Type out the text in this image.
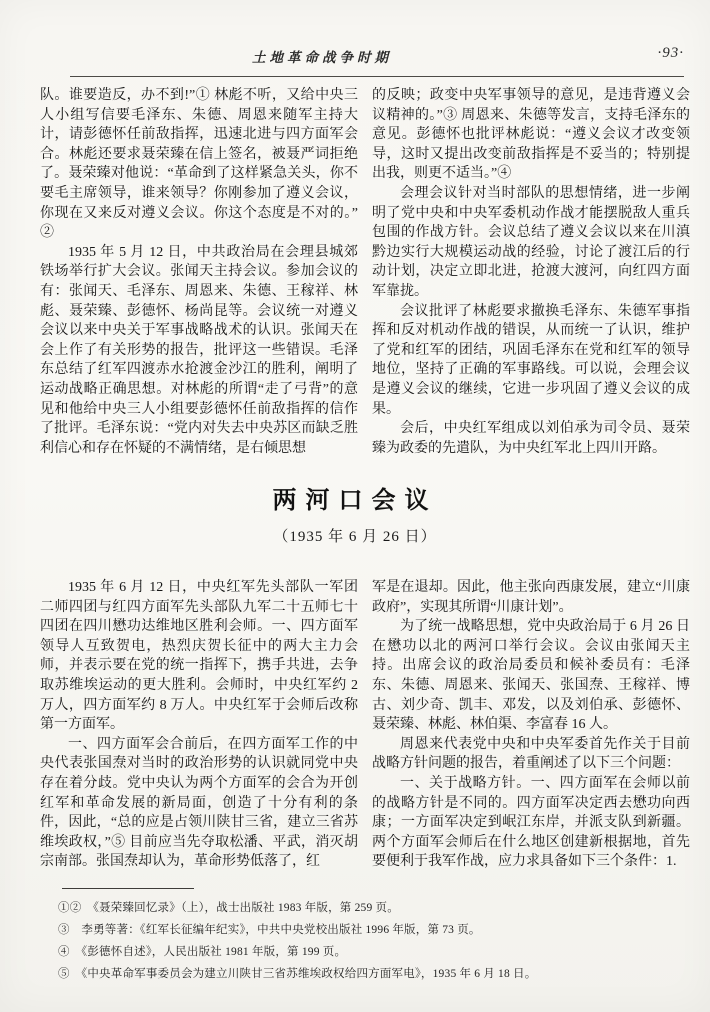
土地革命战争时期	·93·

队。谁要造反，办不到!”① 林彪不听，又给中央三人小组写信要毛泽东、朱德、周恩来随军主持大计，请彭德怀任前敌指挥，迅速北进与四方面军会合。林彪还要求聂荣臻在信上签名，被聂严词拒绝了。聂荣臻对他说：“革命到了这样紧急关头，你不要毛主席领导，谁来领导？你刚参加了遵义会议，你现在又来反对遵义会议。你这个态度是不对的。”②

1935 年 5 月 12 日，中共政治局在会理县城郊铁场举行扩大会议。张闻天主持会议。参加会议的有：张闻天、毛泽东、周恩来、朱德、王稼祥、林彪、聂荣臻、彭德怀、杨尚昆等。会议统一对遵义会议以来中央关于军事战略战术的认识。张闻天在会上作了有关形势的报告，批评这一些错误。毛泽东总结了红军四渡赤水抢渡金沙江的胜利，阐明了运动战略正确思想。对林彪的所谓“走了弓背”的意见和他给中央三人小组要彭德怀任前敌指挥的信作了批评。毛泽东说：“党内对失去中央苏区而缺乏胜利信心和存在怀疑的不满情绪，是右倾思想

的反映；政变中央军事领导的意见，是违背遵义会议精神的。”③ 周恩来、朱德等发言，支持毛泽东的意见。彭德怀也批评林彪说：“遵义会议才改变领导，这时又提出改变前敌指挥是不妥当的；特别提出我，则更不适当。”④

会理会议针对当时部队的思想情绪，进一步阐明了党中央和中央军委机动作战才能摆脱敌人重兵包围的作战方针。会议总结了遵义会议以来在川滇黔边实行大规模运动战的经验，讨论了渡江后的行动计划，决定立即北进，抢渡大渡河，向红四方面军靠拢。

会议批评了林彪要求撤换毛泽东、朱德军事指挥和反对机动作战的错误，从而统一了认识，维护了党和红军的团结，巩固毛泽东在党和红军的领导地位，坚持了正确的军事路线。可以说，会理会议是遵义会议的继续，它进一步巩固了遵义会议的成果。

会后，中央红军组成以刘伯承为司令员、聂荣臻为政委的先遣队，为中央红军北上四川开路。

两河口会议
（1935 年 6 月 26 日）

1935 年 6 月 12 日，中央红军先头部队一军团二师四团与红四方面军先头部队九军二十五师七十四团在四川懋功达维地区胜利会师。一、四方面军领导人互致贺电，热烈庆贺长征中的两大主力会师，并表示要在党的统一指挥下，携手共进，去争取苏维埃运动的更大胜利。会师时，中央红军约 2 万人，四方面军约 8 万人。中央红军于会师后改称第一方面军。

一、四方面军会合前后，在四方面军工作的中央代表张国焘对当时的政治形势的认识就同党中央存在着分歧。党中央认为两个方面军的会合为开创红军和革命发展的新局面，创造了十分有利的条件，因此，“总的应是占领川陕甘三省，建立三省苏维埃政权，”⑤ 目前应当先夺取松潘、平武，消灭胡宗南部。张国焘却认为，革命形势低落了，红

军是在退却。因此，他主张向西康发展，建立“川康政府”，实现其所谓“川康计划”。

为了统一战略思想，党中央政治局于 6 月 26 日在懋功以北的两河口举行会议。会议由张闻天主持。出席会议的政治局委员和候补委员有：毛泽东、朱德、周恩来、张闻天、张国焘、王稼祥、博古、刘少奇、凯丰、邓发，以及刘伯承、彭德怀、聂荣臻、林彪、林伯渠、李富春 16 人。

周恩来代表党中央和中央军委首先作关于目前战略方针问题的报告，着重阐述了以下三个问题：

一、关于战略方针。一、四方面军在会师以前的战略方针是不同的。四方面军决定西去懋功向西康；一方面军决定到岷江东岸，并派支队到新疆。两个方面军会师后在什么地区创建新根据地，首先要便利于我军作战，应力求具备如下三个条件：1.

①②　《聂荣臻回忆录》（上），战士出版社 1983 年版，第 259 页。

③　李勇等著：《红军长征编年纪实》，中共中央党校出版社 1996 年版，第 73 页。

④　《彭德怀自述》，人民出版社 1981 年版，第 199 页。

⑤　《中央革命军事委员会为建立川陕甘三省苏维埃政权给四方面军电》，1935 年 6 月 18 日。
